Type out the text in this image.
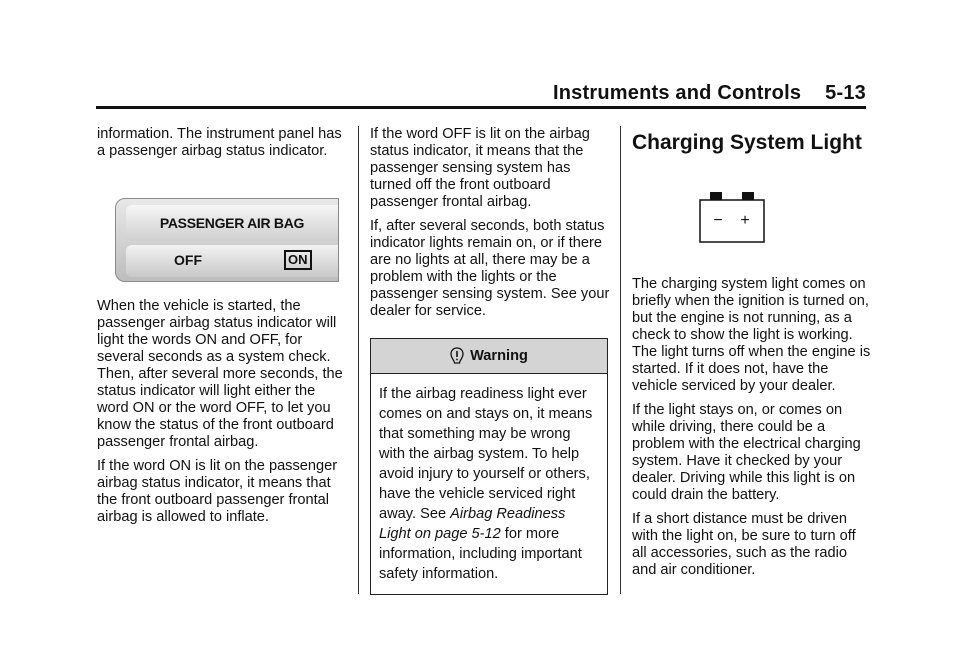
Instruments and Controls 5-13

information. The instrument panel has a passenger airbag status indicator.

PASSENGER AIR BAG
OFF	ON

When the vehicle is started, the passenger airbag status indicator will light the words ON and OFF, for several seconds as a system check. Then, after several more seconds, the status indicator will light either the word ON or the word OFF, to let you know the status of the front outboard passenger frontal airbag.

If the word ON is lit on the passenger airbag status indicator, it means that the front outboard passenger frontal airbag is allowed to inflate.

If the word OFF is lit on the airbag status indicator, it means that the passenger sensing system has turned off the front outboard passenger frontal airbag.

If, after several seconds, both status indicator lights remain on, or if there are no lights at all, there may be a problem with the lights or the passenger sensing system. See your dealer for service.

Warning
If the airbag readiness light ever comes on and stays on, it means that something may be wrong with the airbag system. To help avoid injury to yourself or others, have the vehicle serviced right away. See Airbag Readiness Light on page 5-12 for more information, including important safety information.
Charging System Light
− +

The charging system light comes on briefly when the ignition is turned on, but the engine is not running, as a check to show the light is working. The light turns off when the engine is started. If it does not, have the vehicle serviced by your dealer.

If the light stays on, or comes on while driving, there could be a problem with the electrical charging system. Have it checked by your dealer. Driving while this light is on could drain the battery.

If a short distance must be driven with the light on, be sure to turn off all accessories, such as the radio and air conditioner.
